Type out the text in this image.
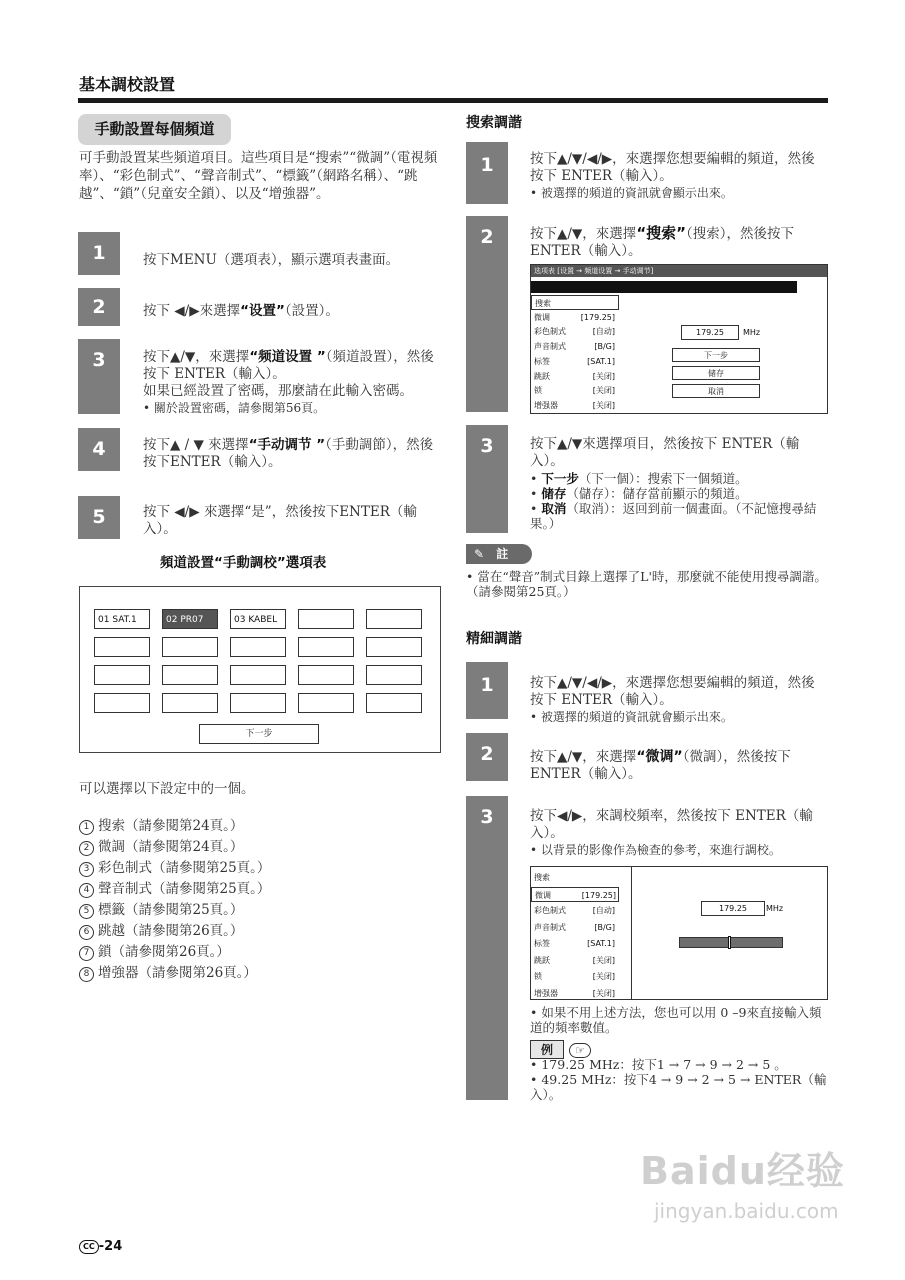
基本調校設置
手動設置每個頻道
可手動設置某些頻道項目。這些項目是“搜索”“微調”（電視頻率）、“彩色制式”、“聲音制式”、“標籤”（網路名稱）、“跳越”、“鎖”（兒童安全鎖）、以及“增強器”。
1	按下MENU（選項表），顯示選項表畫面。
2	按下 ◀/▶來選擇“设置”（設置）。
3	按下▲/▼，來選擇“频道设置 ”（頻道設置），然後按下 ENTER（輸入）。
如果已經設置了密碼，那麼請在此輸入密碼。
• 關於設置密碼，請參閱第56頁。
4	按下▲ / ▼ 來選擇“手动调节 ”（手動調節），然後按下ENTER（輸入）。
5	按下 ◀/▶ 來選擇“是”，然後按下ENTER（輸入）。
頻道設置“手動調校”選項表
01 SAT.1	02 PR07	03 KABEL
下一步
可以選擇以下設定中的一個。
1 搜索（請參閱第24頁。）
2 微調（請參閱第24頁。）
3 彩色制式（請參閱第25頁。）
4 聲音制式（請參閱第25頁。）
5 標籤（請參閱第25頁。）
6 跳越（請參閱第26頁。）
7 鎖（請參閱第26頁。）
8 增強器（請參閱第26頁。）
搜索調諧
1	按下▲/▼/◀/▶，來選擇您想要編輯的頻道，然後按下 ENTER（輸入）。
• 被選擇的頻道的資訊就會顯示出來。
2	按下▲/▼，來選擇“搜索”（搜索），然後按下 ENTER（輸入）。
选项表 [设置 → 频道设置 → 手动调节]
搜索
微调	[179.25]
彩色制式	[自动]
声音制式	[B/G]
标签	[SAT.1]
跳跃	[关闭]
锁	[关闭]
增强器	[关闭]
179.25	MHz
下一步
储存
取消
3	按下▲/▼來選擇項目，然後按下 ENTER（輸入）。
• 下一步（下一個）：搜索下一個頻道。
• 储存（儲存）：儲存當前顯示的頻道。
• 取消（取消）：返回到前一個畫面。（不記憶搜尋結果。）
✎ 註
• 當在“聲音”制式目錄上選擇了L'時，那麼就不能使用搜尋調諧。（請參閱第25頁。）
精細調諧
1	按下▲/▼/◀/▶，來選擇您想要編輯的頻道，然後按下 ENTER（輸入）。
• 被選擇的頻道的資訊就會顯示出來。
2	按下▲/▼，來選擇“微调”（微調），然後按下 ENTER（輸入）。
3	按下◀/▶，來調校頻率，然後按下 ENTER（輸入）。
• 以背景的影像作為檢查的參考，來進行調校。
搜索
微调	[179.25]
彩色制式	[自动]
声音制式	[B/G]
标签	[SAT.1]
跳跃	[关闭]
锁	[关闭]
增强器	[关闭]
179.25	MHz
• 如果不用上述方法，您也可以用 0 –9來直接輸入頻道的頻率數值。
例 ☞
• 179.25 MHz：按下1 → 7 → 9 → 2 → 5 。
• 49.25 MHz：按下4 → 9 → 2 → 5 → ENTER（輸入）。
Baidu经验
jingyan.baidu.com
CC -24
